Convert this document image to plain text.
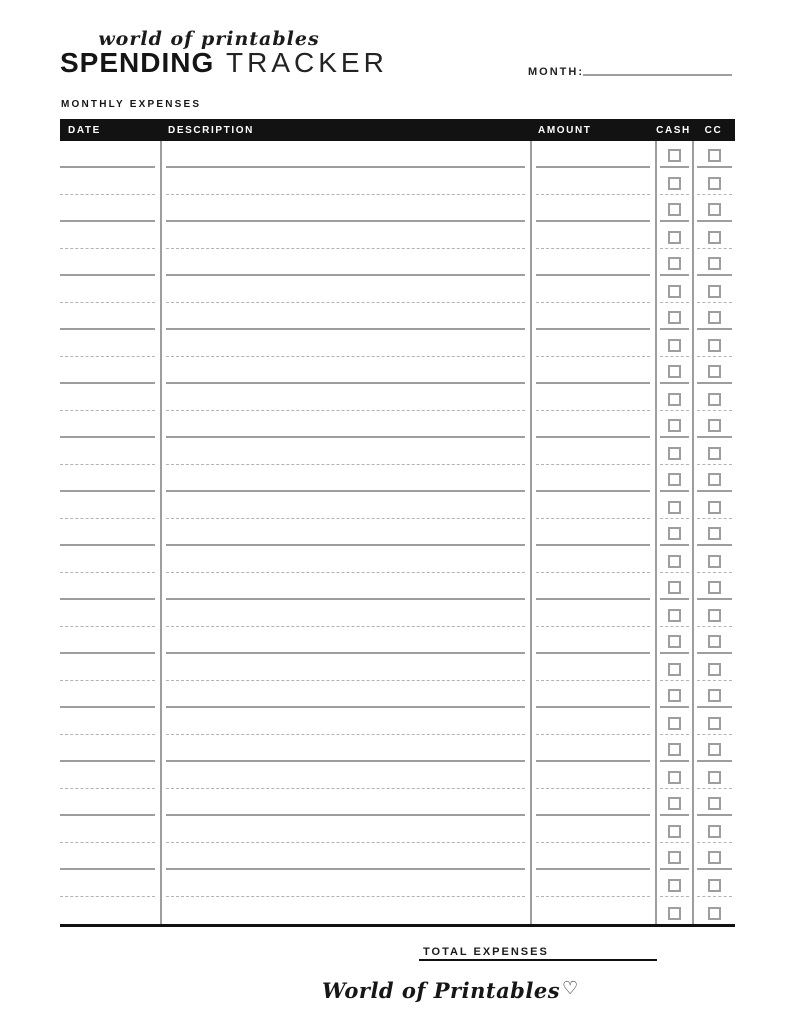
world of printables
SPENDING TRACKER	MONTH:
MONTHLY EXPENSES
DATE	DESCRIPTION	AMOUNT	CASH	CC
TOTAL EXPENSES
World of Printables ♡
